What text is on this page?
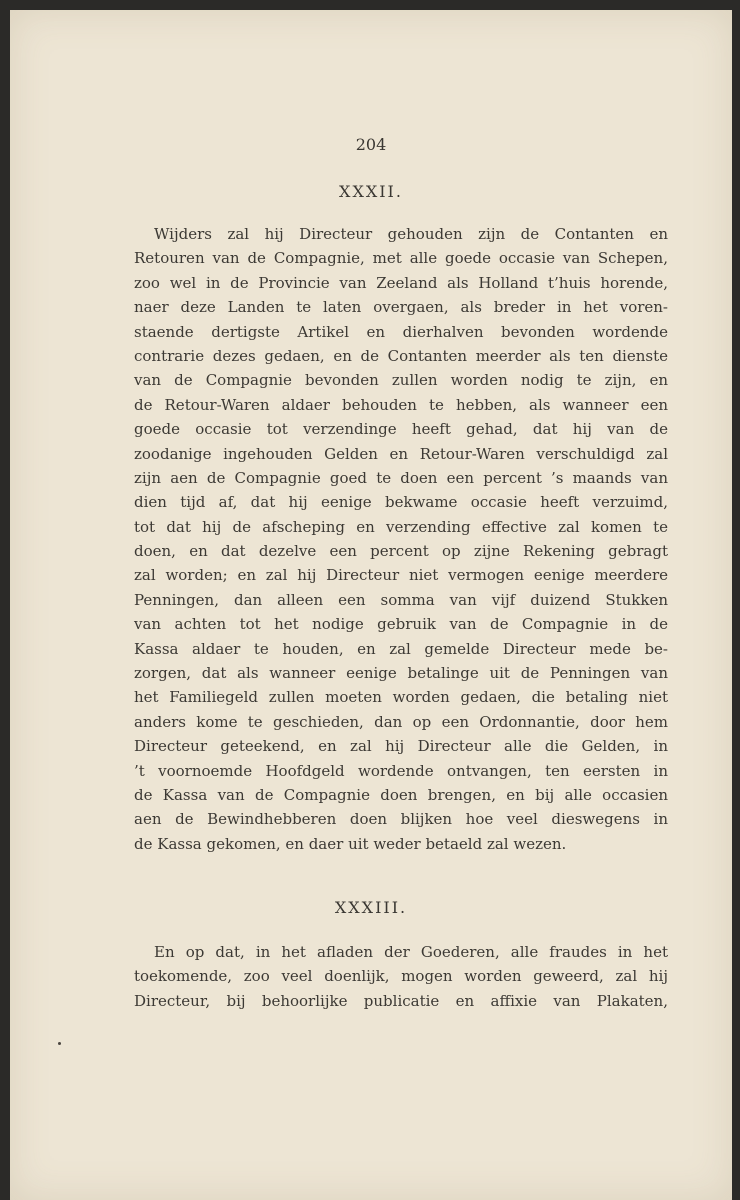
204
XXXII.
Wijders zal hij Directeur gehouden zijn de Contanten en
Retouren van de Compagnie, met alle goede occasie van Schepen,
zoo wel in de Provincie van Zeeland als Holland t’huis horende,
naer deze Landen te laten overgaen, als breder in het voren-
staende dertigste Artikel en dierhalven bevonden wordende
contrarie dezes gedaen, en de Contanten meerder als ten dienste
van de Compagnie bevonden zullen worden nodig te zijn, en
de Retour-Waren aldaer behouden te hebben, als wanneer een
goede occasie tot verzendinge heeft gehad, dat hij van de
zoodanige ingehouden Gelden en Retour-Waren verschuldigd zal
zijn aen de Compagnie goed te doen een percent ’s maands van
dien tijd af, dat hij eenige bekwame occasie heeft verzuimd,
tot dat hij de afscheping en verzending effective zal komen te
doen, en dat dezelve een percent op zijne Rekening gebragt
zal worden; en zal hij Directeur niet vermogen eenige meerdere
Penningen, dan alleen een somma van vijf duizend Stukken
van achten tot het nodige gebruik van de Compagnie in de
Kassa aldaer te houden, en zal gemelde Directeur mede be-
zorgen, dat als wanneer eenige betalinge uit de Penningen van
het Familiegeld zullen moeten worden gedaen, die betaling niet
anders kome te geschieden, dan op een Ordonnantie, door hem
Directeur geteekend, en zal hij Directeur alle die Gelden, in
’t voornoemde Hoofdgeld wordende ontvangen, ten eersten in
de Kassa van de Compagnie doen brengen, en bij alle occasien
aen de Bewindhebberen doen blijken hoe veel dieswegens in
de Kassa gekomen, en daer uit weder betaeld zal wezen.
XXXIII.
En op dat, in het afladen der Goederen, alle fraudes in het
toekomende, zoo veel doenlijk, mogen worden geweerd, zal hij
Directeur, bij behoorlijke publicatie en affixie van Plakaten,
